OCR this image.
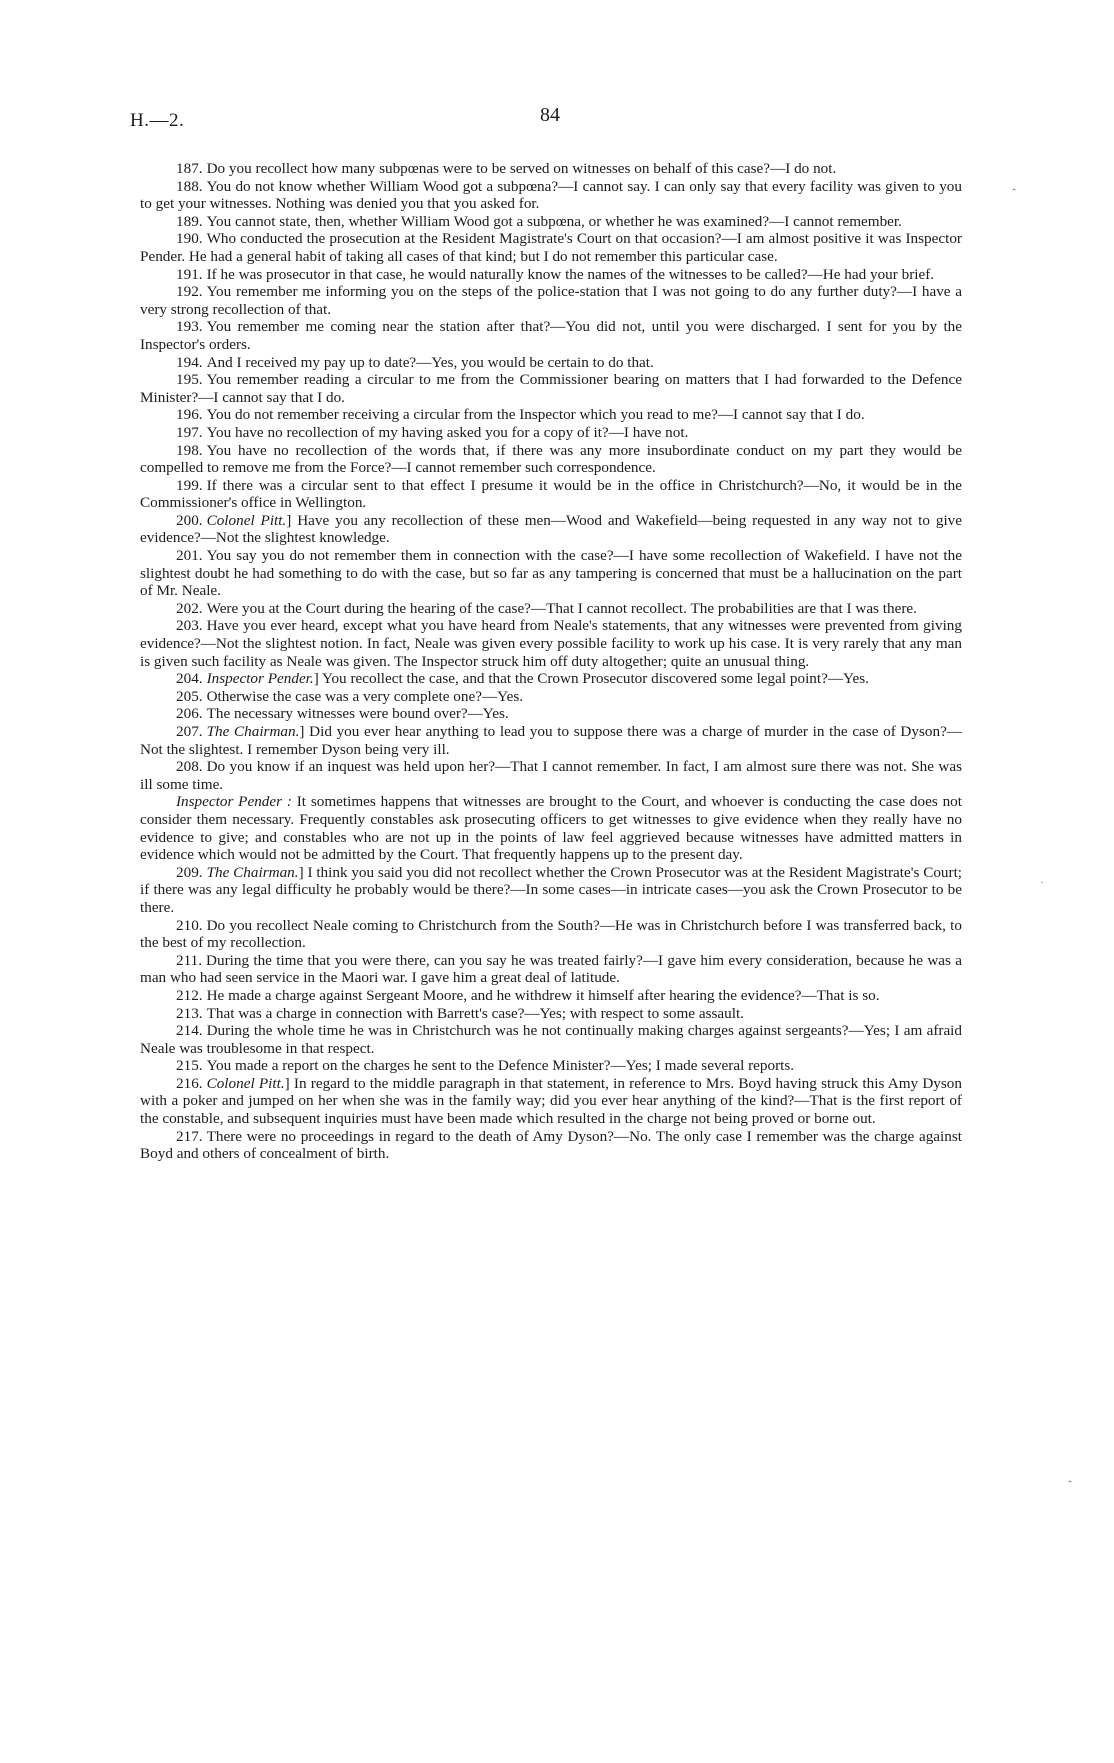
H.—2.	84

187. Do you recollect how many subpœnas were to be served on witnesses on behalf of this case?—I do not.

188. You do not know whether William Wood got a subpœna?—I cannot say. I can only say that every facility was given to you to get your witnesses. Nothing was denied you that you asked for.

189. You cannot state, then, whether William Wood got a subpœna, or whether he was examined?—I cannot remember.

190. Who conducted the prosecution at the Resident Magistrate's Court on that occasion?—I am almost positive it was Inspector Pender. He had a general habit of taking all cases of that kind; but I do not remember this particular case.

191. If he was prosecutor in that case, he would naturally know the names of the witnesses to be called?—He had your brief.

192. You remember me informing you on the steps of the police-station that I was not going to do any further duty?—I have a very strong recollection of that.

193. You remember me coming near the station after that?—You did not, until you were discharged. I sent for you by the Inspector's orders.

194. And I received my pay up to date?—Yes, you would be certain to do that.

195. You remember reading a circular to me from the Commissioner bearing on matters that I had forwarded to the Defence Minister?—I cannot say that I do.

196. You do not remember receiving a circular from the Inspector which you read to me?—I cannot say that I do.

197. You have no recollection of my having asked you for a copy of it?—I have not.

198. You have no recollection of the words that, if there was any more insubordinate conduct on my part they would be compelled to remove me from the Force?—I cannot remember such correspondence.

199. If there was a circular sent to that effect I presume it would be in the office in Christchurch?—No, it would be in the Commissioner's office in Wellington.

200. Colonel Pitt.] Have you any recollection of these men—Wood and Wakefield—being requested in any way not to give evidence?—Not the slightest knowledge.

201. You say you do not remember them in connection with the case?—I have some recollection of Wakefield. I have not the slightest doubt he had something to do with the case, but so far as any tampering is concerned that must be a hallucination on the part of Mr. Neale.

202. Were you at the Court during the hearing of the case?—That I cannot recollect. The probabilities are that I was there.

203. Have you ever heard, except what you have heard from Neale's statements, that any witnesses were prevented from giving evidence?—Not the slightest notion. In fact, Neale was given every possible facility to work up his case. It is very rarely that any man is given such facility as Neale was given. The Inspector struck him off duty altogether; quite an unusual thing.

204. Inspector Pender.] You recollect the case, and that the Crown Prosecutor discovered some legal point?—Yes.

205. Otherwise the case was a very complete one?—Yes.

206. The necessary witnesses were bound over?—Yes.

207. The Chairman.] Did you ever hear anything to lead you to suppose there was a charge of murder in the case of Dyson?—Not the slightest. I remember Dyson being very ill.

208. Do you know if an inquest was held upon her?—That I cannot remember. In fact, I am almost sure there was not. She was ill some time.

Inspector Pender : It sometimes happens that witnesses are brought to the Court, and whoever is conducting the case does not consider them necessary. Frequently constables ask prosecuting officers to get witnesses to give evidence when they really have no evidence to give; and constables who are not up in the points of law feel aggrieved because witnesses have admitted matters in evidence which would not be admitted by the Court. That frequently happens up to the present day.

209. The Chairman.] I think you said you did not recollect whether the Crown Prosecutor was at the Resident Magistrate's Court; if there was any legal difficulty he probably would be there?—In some cases—in intricate cases—you ask the Crown Prosecutor to be there.

210. Do you recollect Neale coming to Christchurch from the South?—He was in Christchurch before I was transferred back, to the best of my recollection.

211. During the time that you were there, can you say he was treated fairly?—I gave him every consideration, because he was a man who had seen service in the Maori war. I gave him a great deal of latitude.

212. He made a charge against Sergeant Moore, and he withdrew it himself after hearing the evidence?—That is so.

213. That was a charge in connection with Barrett's case?—Yes; with respect to some assault.

214. During the whole time he was in Christchurch was he not continually making charges against sergeants?—Yes; I am afraid Neale was troublesome in that respect.

215. You made a report on the charges he sent to the Defence Minister?—Yes; I made several reports.

216. Colonel Pitt.] In regard to the middle paragraph in that statement, in reference to Mrs. Boyd having struck this Amy Dyson with a poker and jumped on her when she was in the family way; did you ever hear anything of the kind?—That is the first report of the constable, and subsequent inquiries must have been made which resulted in the charge not being proved or borne out.

217. There were no proceedings in regard to the death of Amy Dyson?—No. The only case I remember was the charge against Boyd and others of concealment of birth.

ˆ
·
ˆ
